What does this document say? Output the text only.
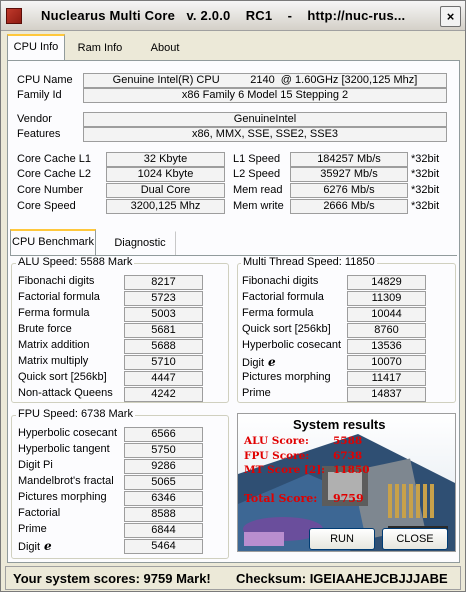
Nuclearus Multi Core   v. 2.0.0    RC1    -    http://nuc-rus...	×
CPU Info	Ram Info	About
CPU Name	Genuine Intel(R) CPU          2140  @ 1.60GHz [3200,125 Mhz]
Family Id	x86 Family 6 Model 15 Stepping 2
Vendor	GenuineIntel
Features	x86, MMX, SSE, SSE2, SSE3
Core Cache L1	32 Kbyte
Core Cache L2	1024 Kbyte
Core Number	Dual Core
Core Speed	3200,125 Mhz
L1 Speed	184257 Mb/s	*32bit
L2 Speed	35927 Mb/s	*32bit
Mem read	6276 Mb/s	*32bit
Mem write	2666 Mb/s	*32bit
CPU Benchmark	Diagnostic
ALU Speed: 5588 Mark
Fibonachi digits	8217
Factorial formula	5723
Ferma formula	5003
Brute force	5681
Matrix addition	5688
Matrix multiply	5710
Quick sort [256kb]	4447
Non-attack Queens	4242
Multi Thread Speed: 11850
Fibonachi digits	14829
Factorial formula	11309
Ferma formula	10044
Quick sort [256kb]	8760
Hyperbolic cosecant	13536
Digit e	10070
Pictures morphing	11417
Prime	14837
FPU Speed: 6738 Mark
Hyperbolic cosecant	6566
Hyperbolic tangent	5750
Digit Pi	9286
Mandelbrot's fractal	5065
Pictures morphing	6346
Factorial	8588
Prime	6844
Digit e	5464
System results
ALU Score: 5588
FPU Score: 6738
MT Score [2]: 11850
Total Score: 9759
RUN	CLOSE
Your system scores: 9759 Mark! Checksum: IGEIAAHEJCBJJJABE
